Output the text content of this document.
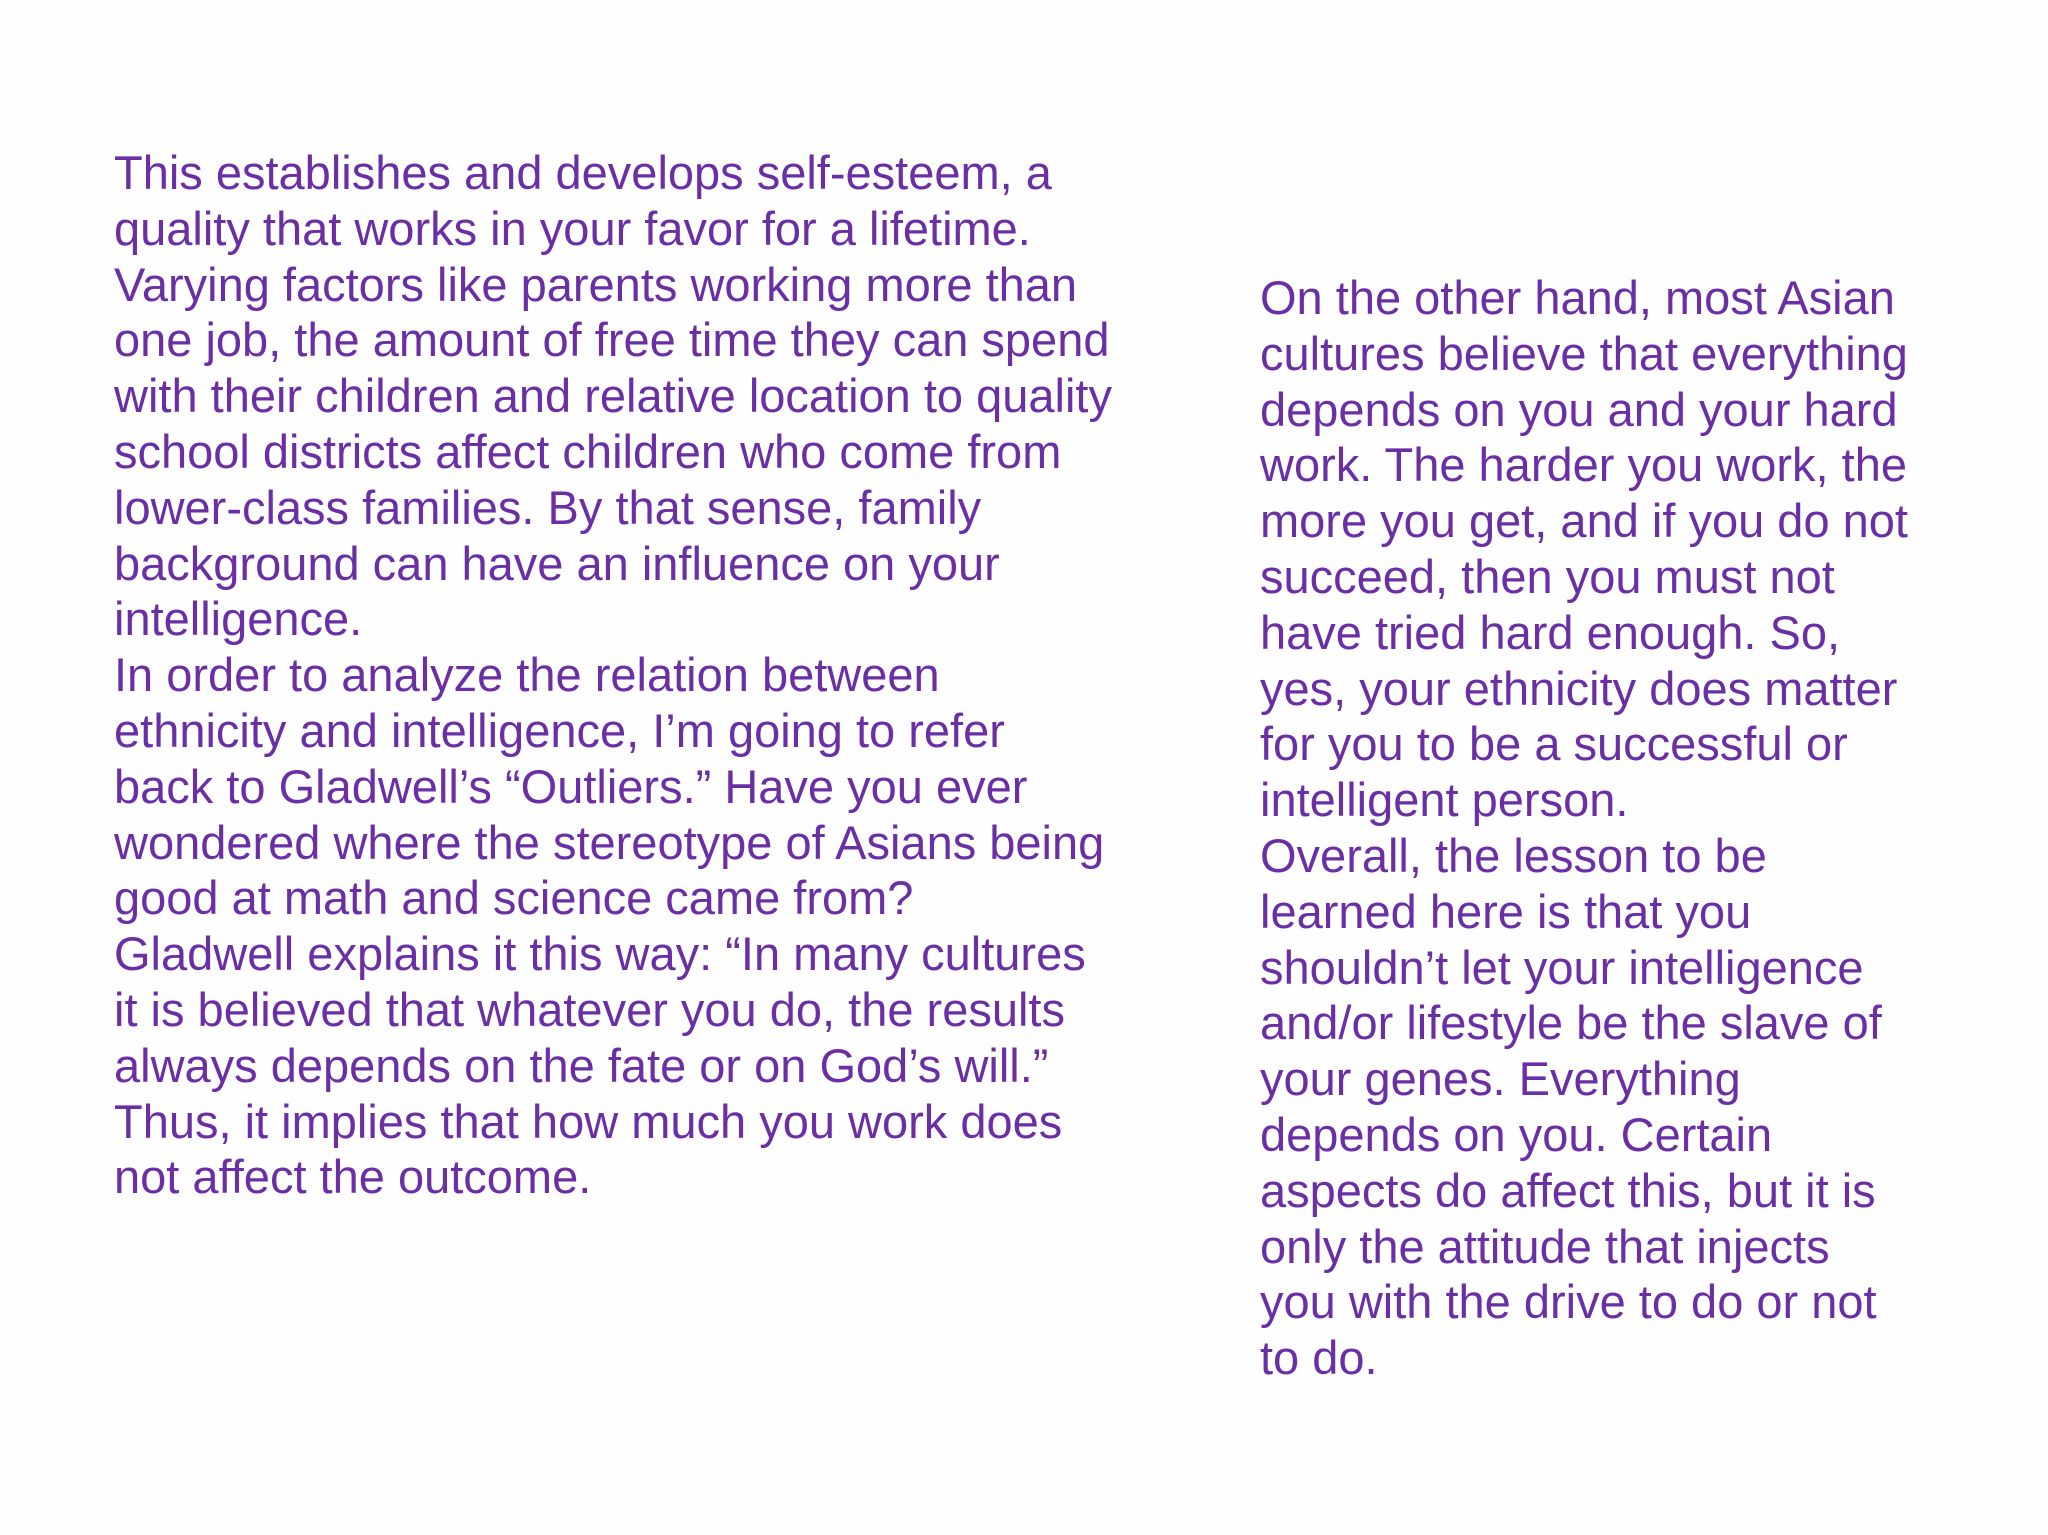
This establishes and develops self-esteem, a
quality that works in your favor for a lifetime.
Varying factors like parents working more than
one job, the amount of free time they can spend
with their children and relative location to quality
school districts affect children who come from
lower-class families. By that sense, family
background can have an influence on your
intelligence.
In order to analyze the relation between
ethnicity and intelligence, I’m going to refer
back to Gladwell’s “Outliers.” Have you ever
wondered where the stereotype of Asians being
good at math and science came from?
Gladwell explains it this way: “In many cultures
it is believed that whatever you do, the results
always depends on the fate or on God’s will.”
Thus, it implies that how much you work does
not affect the outcome.
On the other hand, most Asian
cultures believe that everything
depends on you and your hard
work. The harder you work, the
more you get, and if you do not
succeed, then you must not
have tried hard enough. So,
yes, your ethnicity does matter
for you to be a successful or
intelligent person.
Overall, the lesson to be
learned here is that you
shouldn’t let your intelligence
and/or lifestyle be the slave of
your genes. Everything
depends on you. Certain
aspects do affect this, but it is
only the attitude that injects
you with the drive to do or not
to do.
